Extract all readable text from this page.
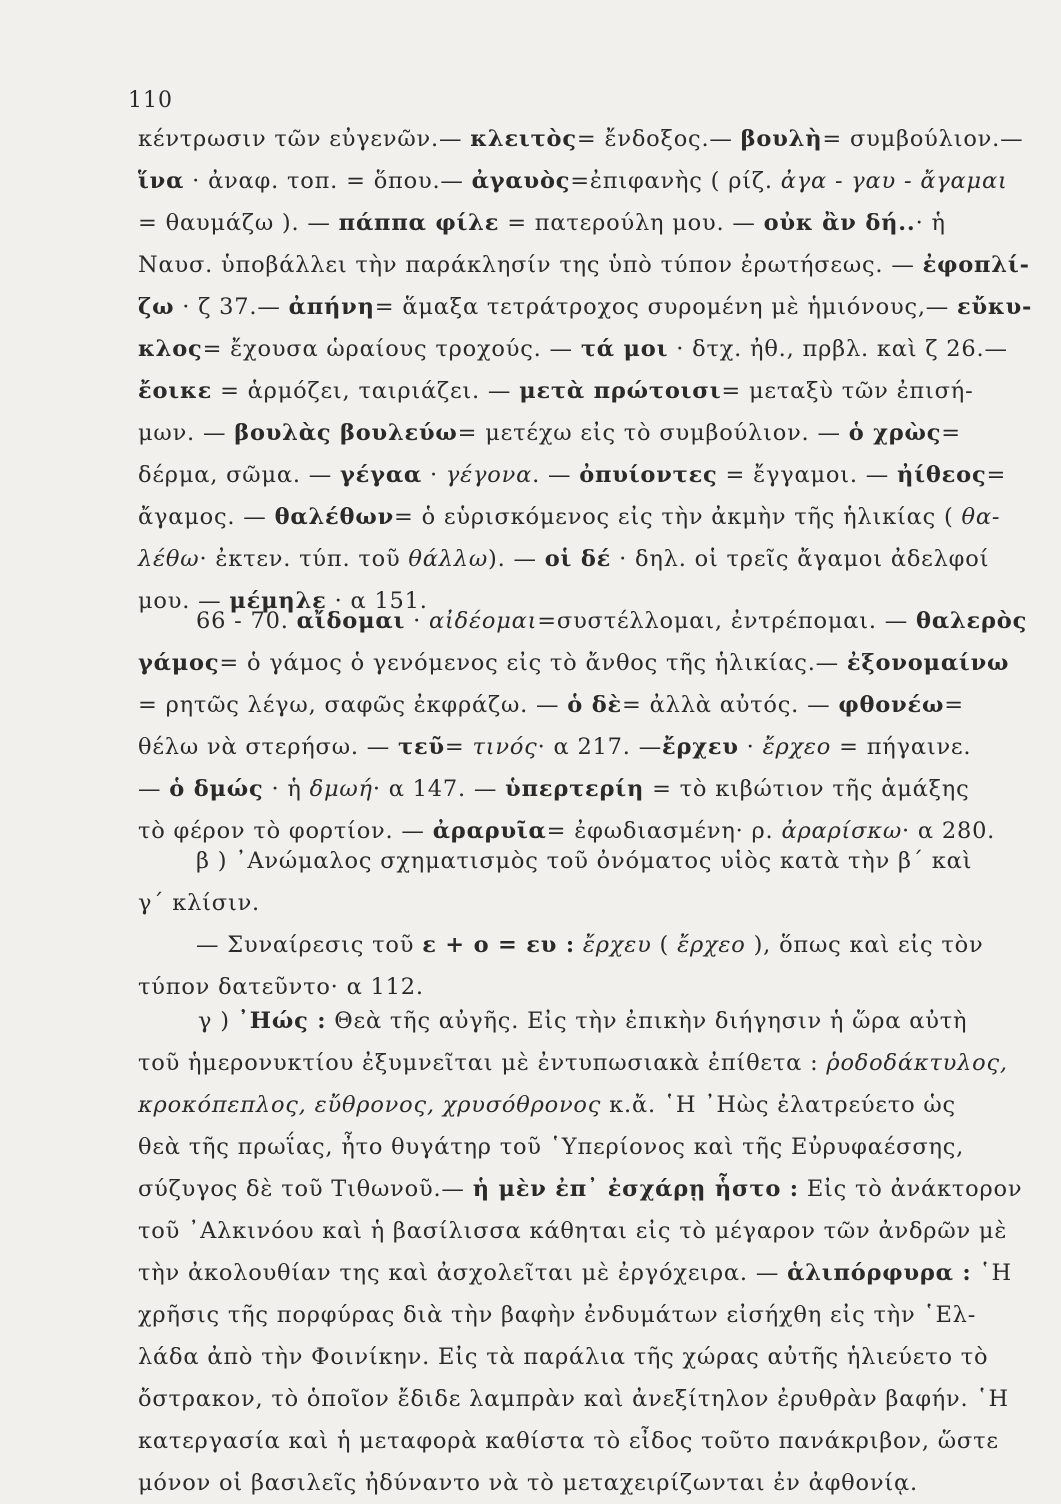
110
κέντρωσιν τῶν εὐγενῶν.— κλειτὸς= ἔνδοξος.— βουλὴ= συμβούλιον.—
ἵνα · ἀναφ. τοπ. = ὅπου.— ἀγαυὸς=ἐπιφανὴς ( ρίζ. ἀγα - γαυ - ἄγαμαι
= θαυμάζω ). — πάππα φίλε = πατερούλη μου. — οὐκ ἂν δή..· ἡ
Ναυσ. ὑποβάλλει τὴν παράκλησίν της ὑπὸ τύπον ἐρωτήσεως. — ἐφοπλί-
ζω · ζ 37.— ἀπήνη= ἅμαξα τετράτροχος συρομένη μὲ ἡμιόνους,— εὔκυ-
κλος= ἔχουσα ὡραίους τροχούς. — τά μοι · δτχ. ἠθ., πρβλ. καὶ ζ 26.—
ἔοικε = ἁρμόζει, ταιριάζει. — μετὰ πρώτοισι= μεταξὺ τῶν ἐπισή-
μων. — βουλὰς βουλεύω= μετέχω εἰς τὸ συμβούλιον. — ὁ χρὼς=
δέρμα, σῶμα. — γέγαα · γέγονα. — ὀπυίοντες = ἔγγαμοι. — ἠίθεος=
ἄγαμος. — θαλέθων= ὁ εὑρισκόμενος εἰς τὴν ἀκμὴν τῆς ἡλικίας ( θα-
λέθω· ἐκτεν. τύπ. τοῦ θάλλω). — οἱ δέ · δηλ. οἱ τρεῖς ἄγαμοι ἀδελφοί
μου. — μέμηλε · α 151.
66 - 70. αἴδομαι · αἰδέομαι=συστέλλομαι, ἐντρέπομαι. — θαλερὸς
γάμος= ὁ γάμος ὁ γενόμενος εἰς τὸ ἄνθος τῆς ἡλικίας.— ἐξονομαίνω
= ρητῶς λέγω, σαφῶς ἐκφράζω. — ὁ δὲ= ἀλλὰ αὐτός. — φθονέω=
θέλω νὰ στερήσω. — τεῦ= τινός· α 217. —ἔρχευ · ἔρχεο = πήγαινε.
— ὁ δμώς · ἡ δμωή· α 147. — ὑπερτερίη = τὸ κιβώτιον τῆς ἁμάξης
τὸ φέρον τὸ φορτίον. — ἀραρυῖα= ἐφωδιασμένη· ρ. ἀραρίσκω· α 280.
β ) ᾿Ανώμαλος σχηματισμὸς τοῦ ὀνόματος υἱὸς κατὰ τὴν β΄ καὶ
γ΄ κλίσιν.
— Συναίρεσις τοῦ ε + ο = ευ : ἔρχευ ( ἔρχεο ), ὅπως καὶ εἰς τὸν
τύπον δατεῦντο· α 112.
γ ) ᾿Ηώς : Θεὰ τῆς αὐγῆς. Εἰς τὴν ἐπικὴν διήγησιν ἡ ὥρα αὐτὴ
τοῦ ἡμερονυκτίου ἐξυμνεῖται μὲ ἐντυπωσιακὰ ἐπίθετα : ῥοδοδάκτυλος,
κροκόπεπλος, εὔθρονος, χρυσόθρονος κ.ἄ. ῾Η ᾿Ηὼς ἐλατρεύετο ὡς
θεὰ τῆς πρωΐας, ἦτο θυγάτηρ τοῦ ῾Υπερίονος καὶ τῆς Εὐρυφαέσσης,
σύζυγος δὲ τοῦ Τιθωνοῦ.— ἡ μὲν ἐπ᾿ ἐσχάρῃ ἧστο : Εἰς τὸ ἀνάκτορον
τοῦ ᾿Αλκινόου καὶ ἡ βασίλισσα κάθηται εἰς τὸ μέγαρον τῶν ἀνδρῶν μὲ
τὴν ἀκολουθίαν της καὶ ἀσχολεῖται μὲ ἐργόχειρα. — ἁλιπόρφυρα : ῾Η
χρῆσις τῆς πορφύρας διὰ τὴν βαφὴν ἐνδυμάτων εἰσήχθη εἰς τὴν ῾Ελ-
λάδα ἀπὸ τὴν Φοινίκην. Εἰς τὰ παράλια τῆς χώρας αὐτῆς ἡλιεύετο τὸ
ὄστρακον, τὸ ὁποῖον ἔδιδε λαμπρὰν καὶ ἀνεξίτηλον ἐρυθρὰν βαφήν. ῾Η
κατεργασία καὶ ἡ μεταφορὰ καθίστα τὸ εἶδος τοῦτο πανάκριβον, ὥστε
μόνον οἱ βασιλεῖς ἠδύναντο νὰ τὸ μεταχειρίζωνται ἐν ἀφθονίᾳ.
